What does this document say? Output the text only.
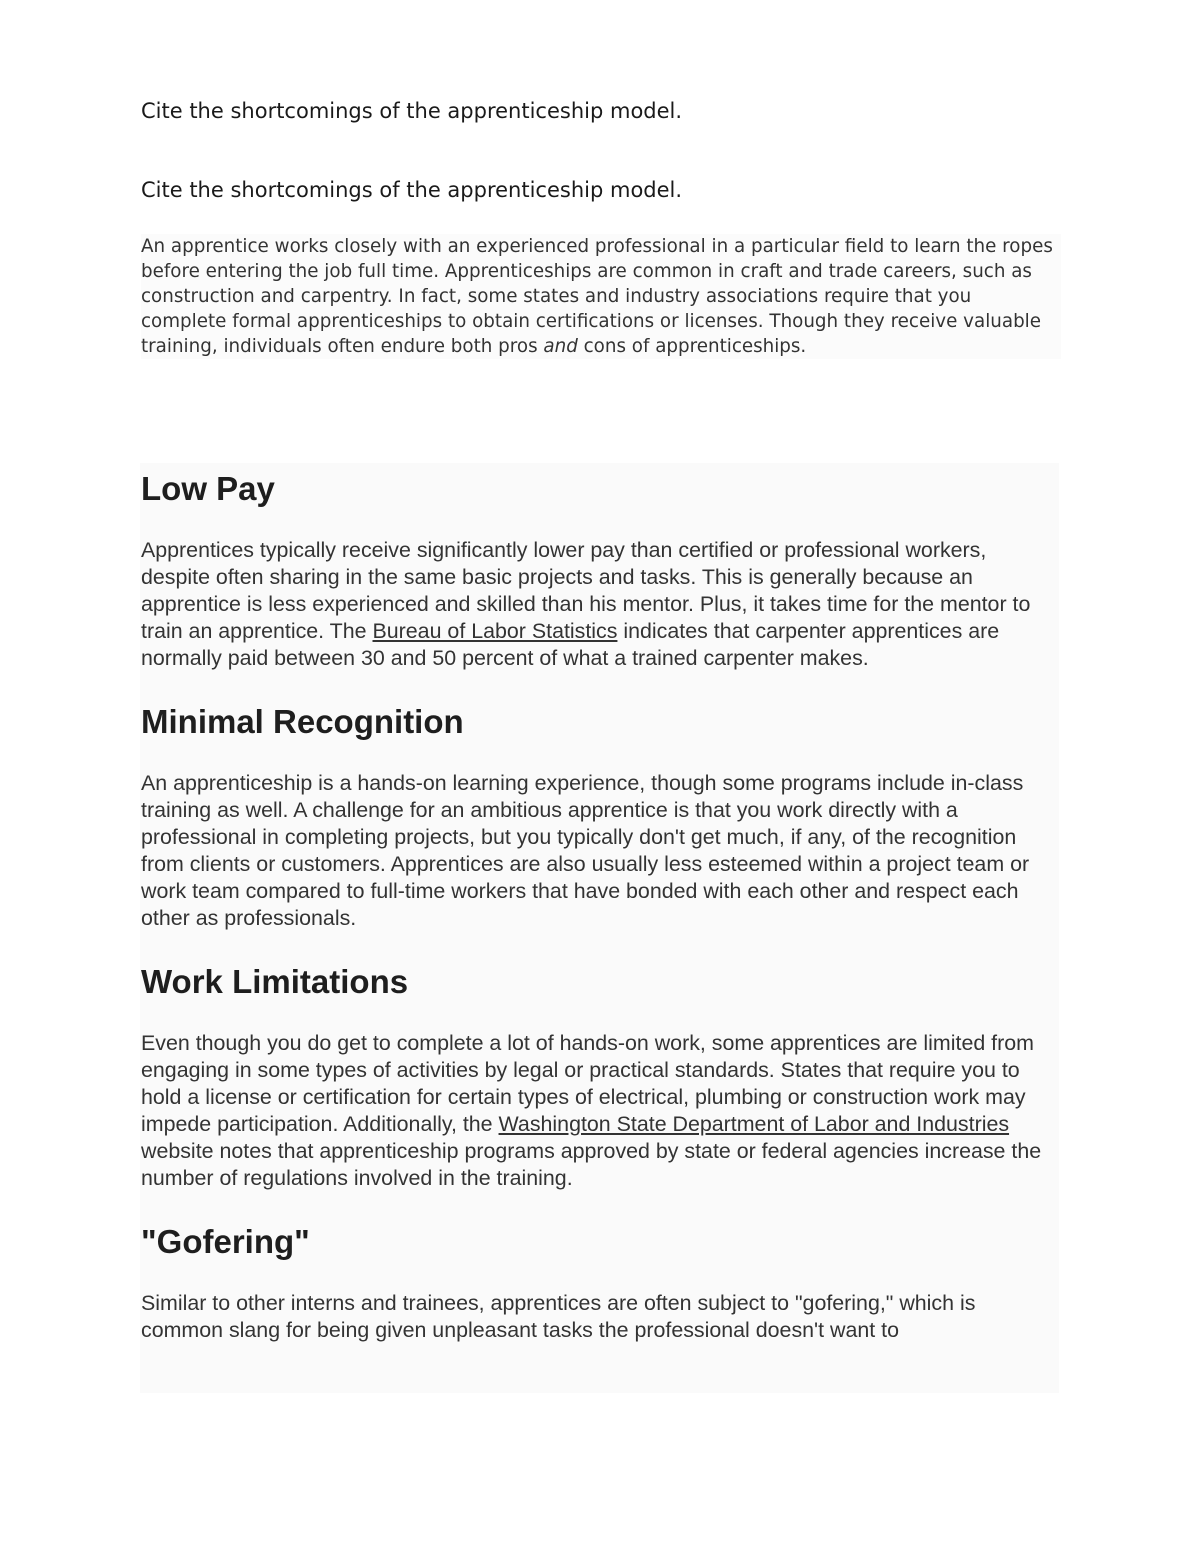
Cite the shortcomings of the apprenticeship model.
Cite the shortcomings of the apprenticeship model.

An apprentice works closely with an experienced professional in a particular field to learn the ropes before entering the job full time. Apprenticeships are common in craft and trade careers, such as construction and carpentry. In fact, some states and industry associations require that you complete formal apprenticeships to obtain certifications or licenses. Though they receive valuable training, individuals often endure both pros and cons of apprenticeships.

Low Pay

Apprentices typically receive significantly lower pay than certified or professional workers, despite often sharing in the same basic projects and tasks. This is generally because an apprentice is less experienced and skilled than his mentor. Plus, it takes time for the mentor to train an apprentice. The Bureau of Labor Statistics indicates that carpenter apprentices are normally paid between 30 and 50 percent of what a trained carpenter makes.

Minimal Recognition

An apprenticeship is a hands-on learning experience, though some programs include in-class training as well. A challenge for an ambitious apprentice is that you work directly with a professional in completing projects, but you typically don't get much, if any, of the recognition from clients or customers. Apprentices are also usually less esteemed within a project team or work team compared to full-time workers that have bonded with each other and respect each other as professionals.

Work Limitations

Even though you do get to complete a lot of hands-on work, some apprentices are limited from engaging in some types of activities by legal or practical standards. States that require you to hold a license or certification for certain types of electrical, plumbing or construction work may impede participation. Additionally, the Washington State Department of Labor and Industries website notes that apprenticeship programs approved by state or federal agencies increase the number of regulations involved in the training.

"Gofering"

Similar to other interns and trainees, apprentices are often subject to "gofering," which is common slang for being given unpleasant tasks the professional doesn't want to
